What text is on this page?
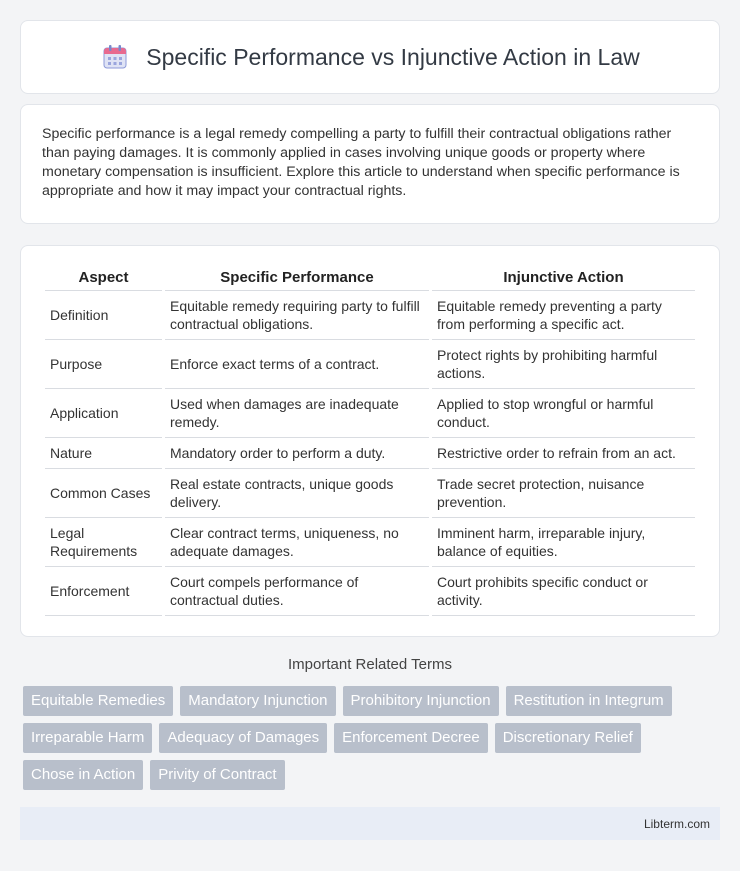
Specific Performance vs Injunctive Action in Law

Specific performance is a legal remedy compelling a party to fulfill their contractual obligations rather than paying damages. It is commonly applied in cases involving unique goods or property where monetary compensation is insufficient. Explore this article to understand when specific performance is appropriate and how it may impact your contractual rights.

Aspect	Specific Performance	Injunctive Action
Definition	Equitable remedy requiring party to fulfill contractual obligations.	Equitable remedy preventing a party from performing a specific act.
Purpose	Enforce exact terms of a contract.	Protect rights by prohibiting harmful actions.
Application	Used when damages are inadequate remedy.	Applied to stop wrongful or harmful conduct.
Nature	Mandatory order to perform a duty.	Restrictive order to refrain from an act.
Common Cases	Real estate contracts, unique goods delivery.	Trade secret protection, nuisance prevention.
Legal Requirements	Clear contract terms, uniqueness, no adequate damages.	Imminent harm, irreparable injury, balance of equities.
Enforcement	Court compels performance of contractual duties.	Court prohibits specific conduct or activity.
Important Related Terms
Equitable Remedies	Mandatory Injunction	Prohibitory Injunction	Restitution in Integrum
Irreparable Harm	Adequacy of Damages	Enforcement Decree	Discretionary Relief
Chose in Action	Privity of Contract
Libterm.com
